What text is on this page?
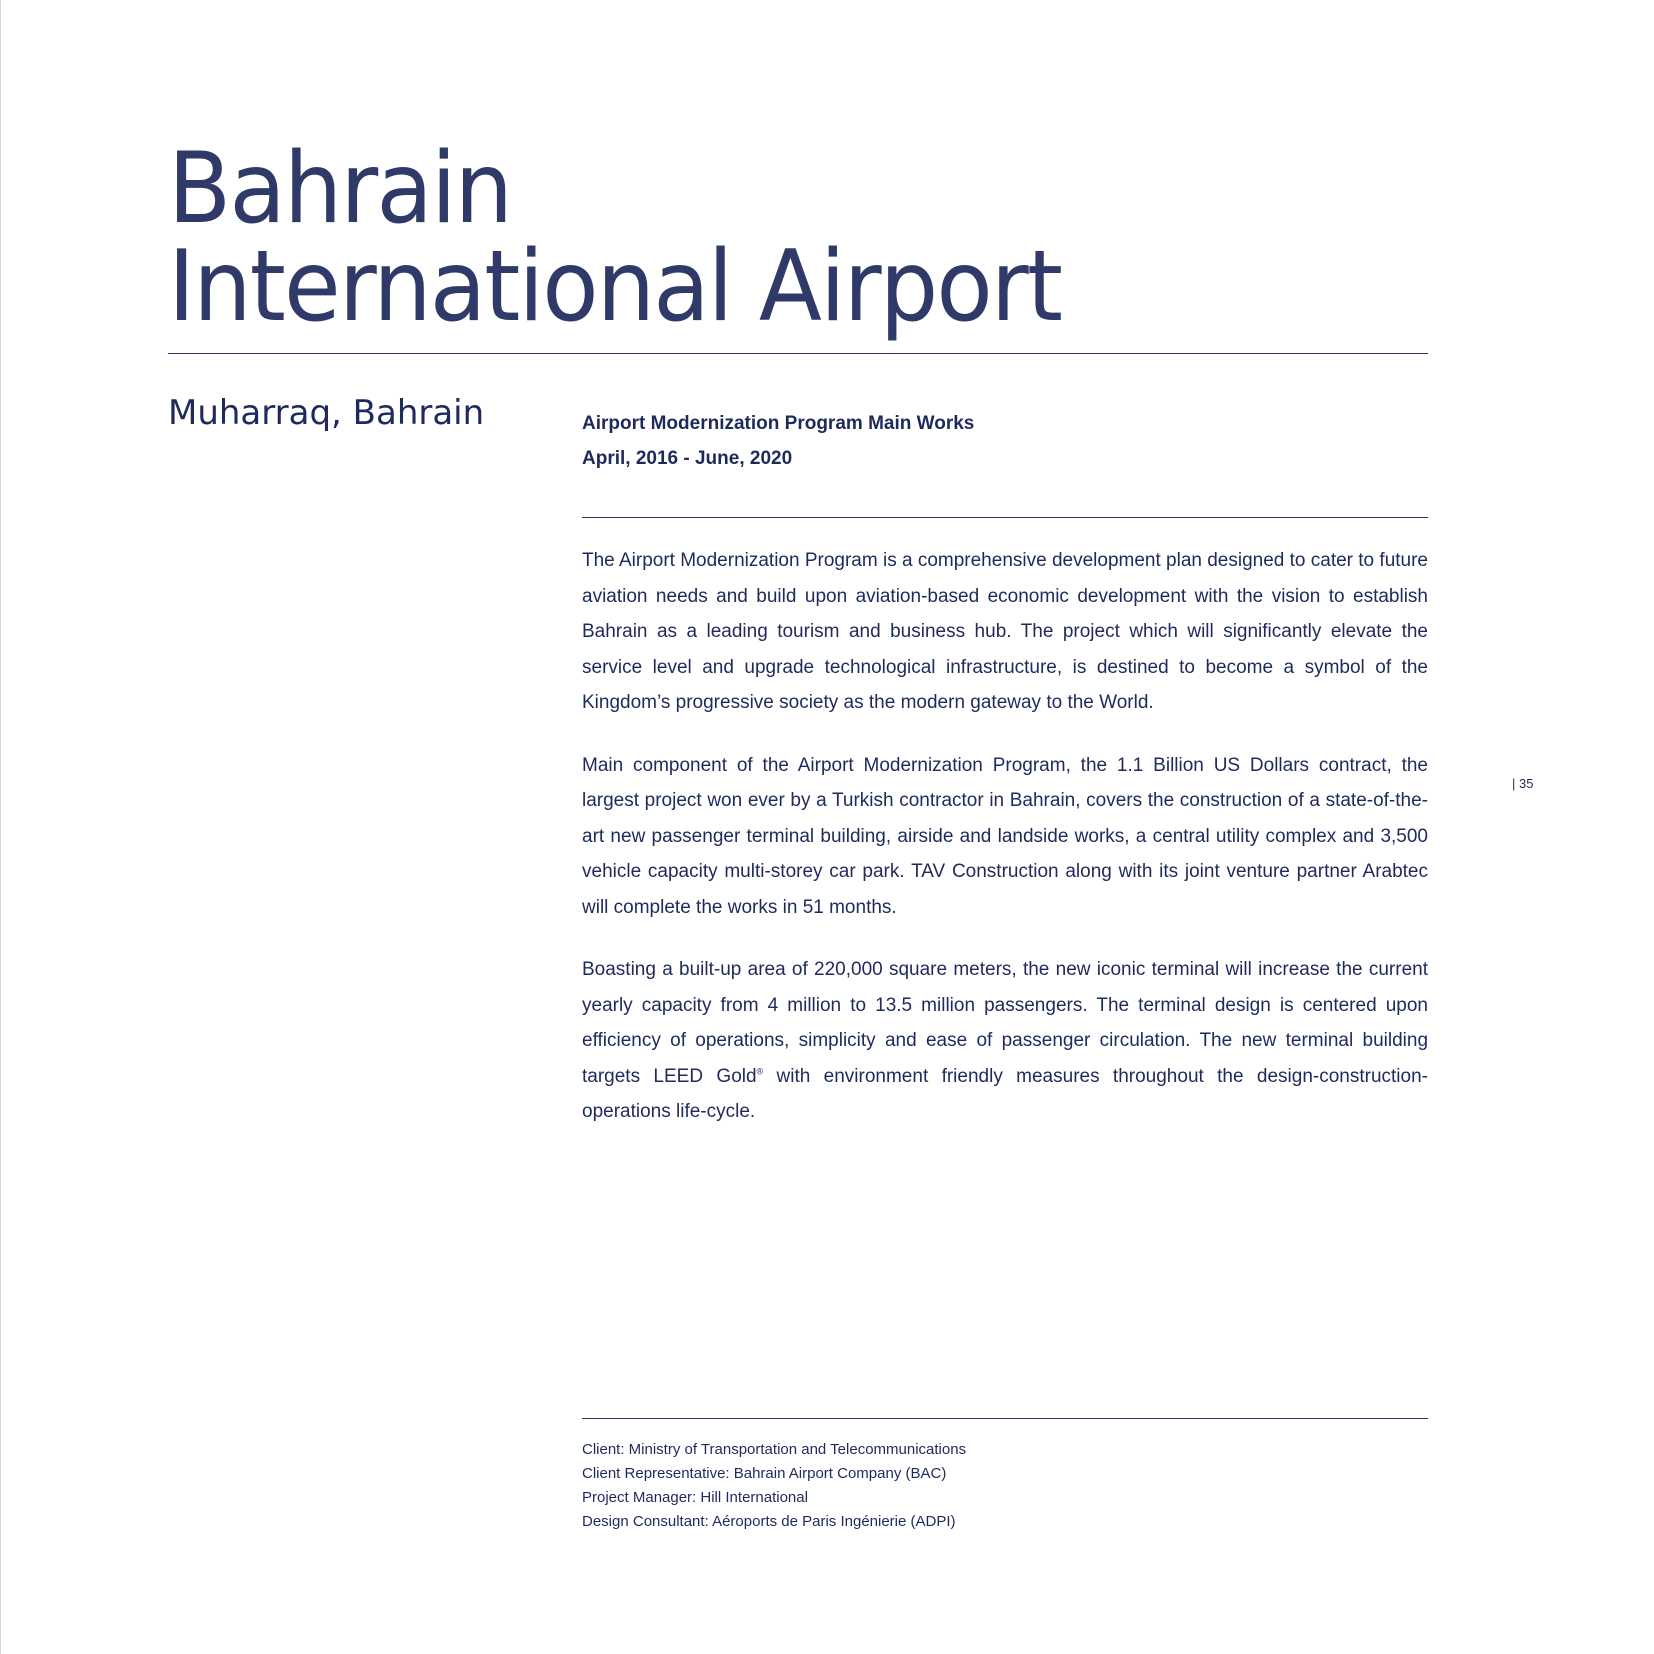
Bahrain
International Airport
Muharraq, Bahrain	Airport Modernization Program Main Works
April, 2016 - June, 2020

The Airport Modernization Program is a comprehensive development plan designed to cater to future aviation needs and build upon aviation-based economic development with the vision to establish Bahrain as a leading tourism and business hub. The project which will significantly elevate the service level and upgrade technological infrastructure, is destined to become a symbol of the Kingdom’s progressive society as the modern gateway to the World.

Main component of the Airport Modernization Program, the 1.1 Billion US Dollars contract, the largest project won ever by a Turkish contractor in Bahrain, covers the construction of a state-of-the-art new passenger terminal building, airside and landside works, a central utility complex and 3,500 vehicle capacity multi-storey car park. TAV Construction along with its joint venture partner Arabtec will complete the works in 51 months.

Boasting a built-up area of 220,000 square meters, the new iconic terminal will increase the current yearly capacity from 4 million to 13.5 million passengers. The terminal design is centered upon efficiency of operations, simplicity and ease of passenger circulation. The new terminal building targets LEED Gold® with environment friendly measures throughout the design-construction-operations life-cycle.

| 35
Client: Ministry of Transportation and Telecommunications
Client Representative: Bahrain Airport Company (BAC)
Project Manager: Hill International
Design Consultant: Aéroports de Paris Ingénierie (ADPI)
